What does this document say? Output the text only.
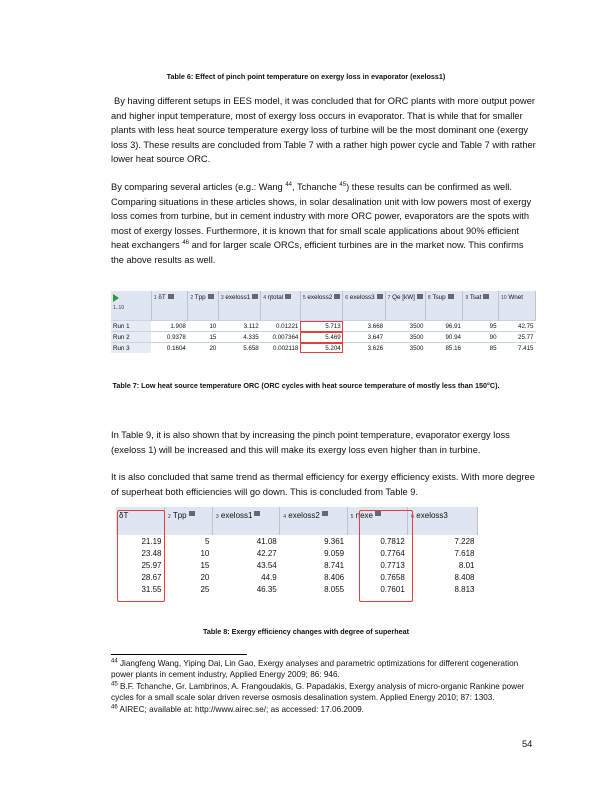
Table 6: Effect of pinch point temperature on exergy loss in evaporator (exeloss1)

By having different setups in EES model, it was concluded that for ORC plants with more output power and higher input temperature, most of exergy loss occurs in evaporator. That is while that for smaller plants with less heat source temperature exergy loss of turbine will be the most dominant one (exergy loss 3). These results are concluded from Table 7 with a rather high power cycle and Table 7 with rather lower heat source ORC.

By comparing several articles (e.g.: Wang $^{44}$, Tchanche $^{45}$) these results can be confirmed as well. Comparing situations in these articles shows, in solar desalination unit with low powers most of exergy loss comes from turbine, but in cement industry with more ORC power, evaporators are the spots with most of exergy losses. Furthermore, it is known that for small scale applications about 90% efficient heat exchangers $^{46}$ and for larger scale ORCs, efficient turbines are in the market now. This confirms the above results as well.

1..10	1 δT	2 Tpp	3 exeloss1	4 ηtotal	5 exeloss2	6 exeloss3	7 Qe [kW]	8 Tsup	9 Tsat	10 Wnet
Run 1	1.908	10	3.112	0.01221	5.713	3.668	3500	96.91	95	42.75
Run 2	0.9378	15	4.335	0.007364	5.469	3.647	3500	90.94	90	25.77
Run 3	0.1604	20	5.658	0.002118	5.204	3.626	3500	85.16	85	7.415
Table 7: Low heat source temperature ORC (ORC cycles with heat source temperature of mostly less than 150°C).

In Table 9, it is also shown that by increasing the pinch point temperature, evaporator exergy loss (exeloss 1) will be increased and this will make its exergy loss even higher than in turbine.

It is also concluded that same trend as thermal efficiency for exergy efficiency exists. With more degree of superheat both efficiencies will go down. This is concluded from Table 9.

δT	2 Tpp	3 exeloss1	4 exeloss2	5 ηexe	6 exeloss3
21.19	5	41.08	9.361	0.7812	7.228
23.48	10	42.27	9.059	0.7764	7.618
25.97	15	43.54	8.741	0.7713	8.01
28.67	20	44.9	8.406	0.7658	8.408
31.55	25	46.35	8.055	0.7601	8.813
Table 8: Exergy efficiency changes with degree of superheat

$^{44}$ Jiangfeng Wang, Yiping Dai, Lin Gao, Exergy analyses and parametric optimizations for different cogeneration power plants in cement industry, Applied Energy 2009; 86: 946.

$^{45}$ B.F. Tchanche, Gr. Lambrinos, A. Frangoudakis, G. Papadakis, Exergy analysis of micro-organic Rankine power cycles for a small scale solar driven reverse osmosis desalination system. Applied Energy 2010; 87: 1303.

$^{46}$ AIREC; available at: http://www.airec.se/; as accessed: 17.06.2009.

54
